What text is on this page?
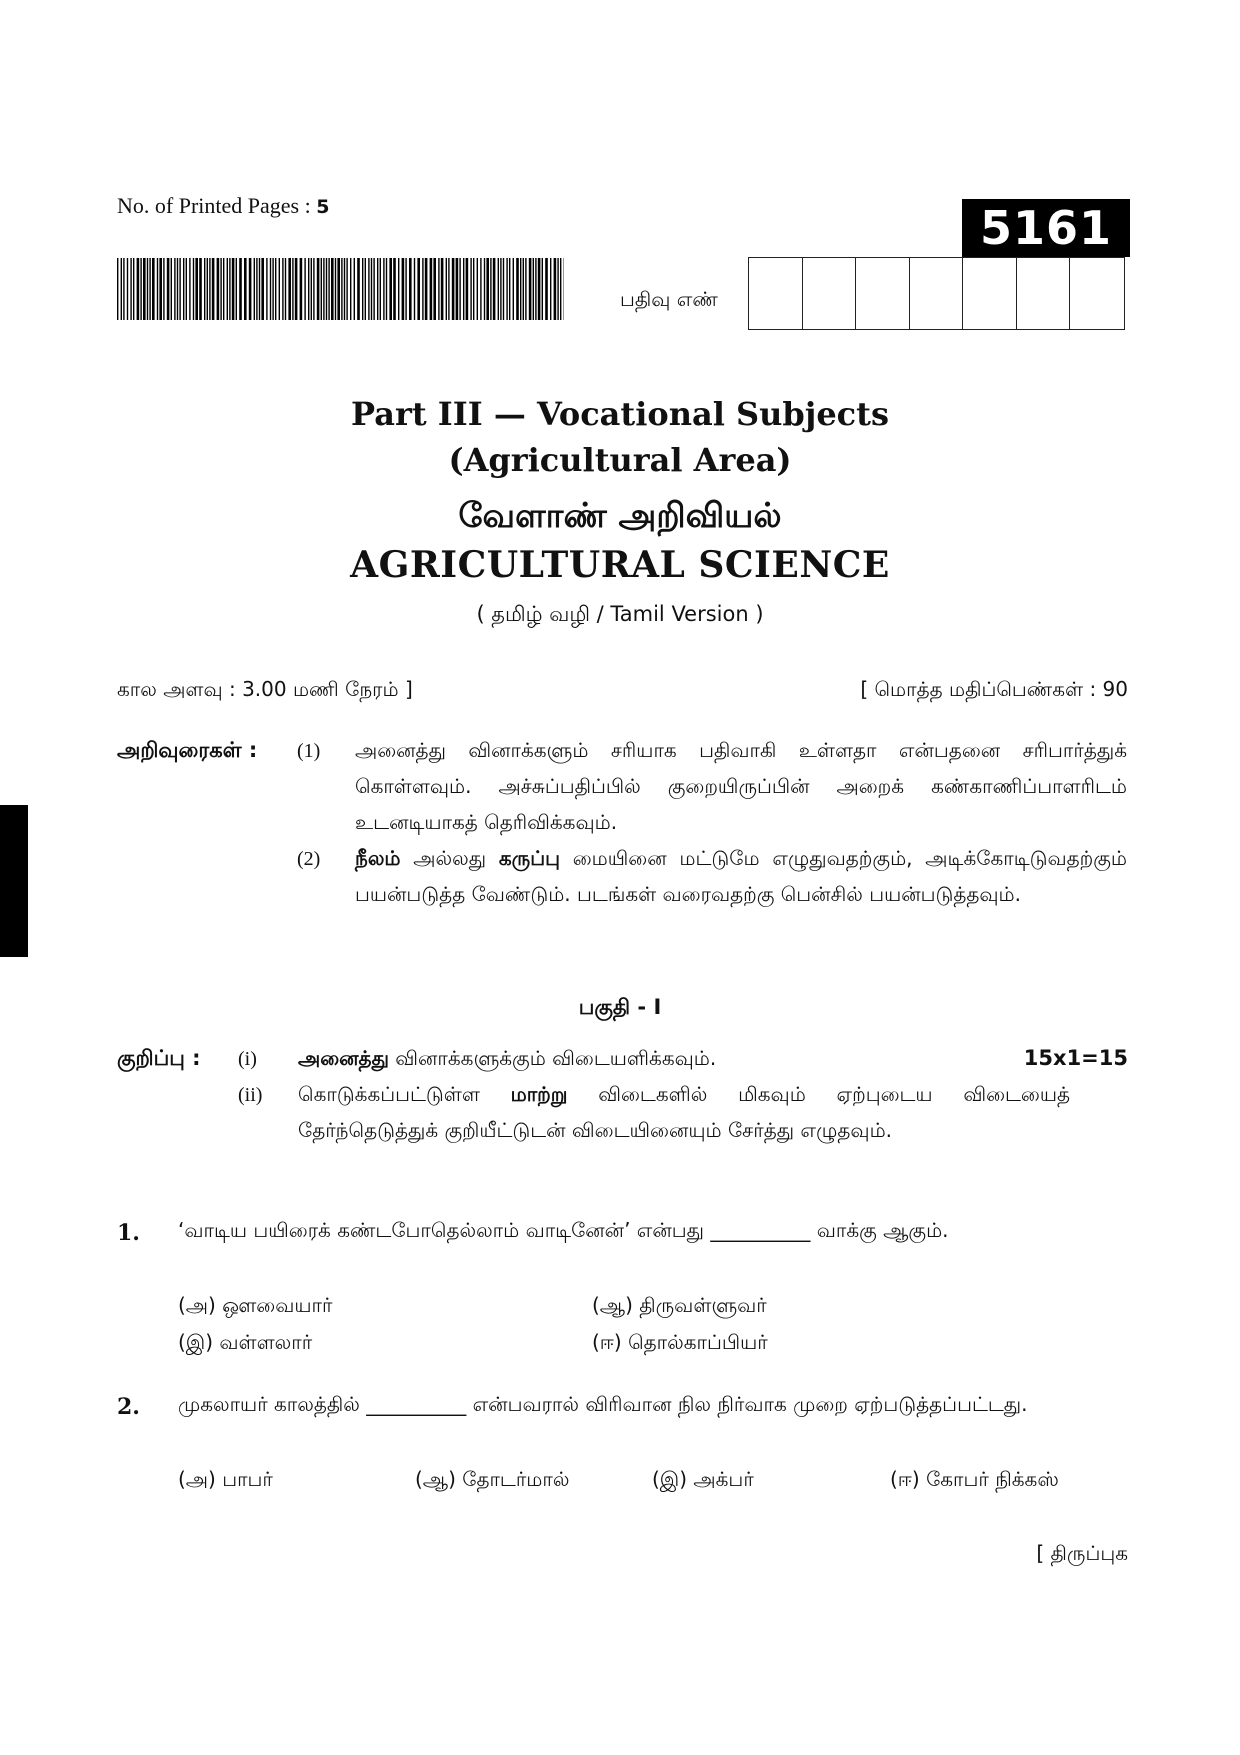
No. of Printed Pages : 5	5161
பதிவு எண்
Part III — Vocational Subjects
(Agricultural Area)
வேளாண் அறிவியல்
AGRICULTURAL SCIENCE
( தமிழ் வழி / Tamil Version )
கால அளவு : 3.00 மணி நேரம் ]	[ மொத்த மதிப்பெண்கள் : 90
அறிவுரைகள் : (1) அனைத்து வினாக்களும் சரியாக பதிவாகி உள்ளதா என்பதனை சரிபார்த்துக் கொள்ளவும். அச்சுப்பதிப்பில் குறையிருப்பின் அறைக் கண்காணிப்பாளரிடம் உடனடியாகத் தெரிவிக்கவும்.
(2) நீலம் அல்லது கருப்பு மையினை மட்டுமே எழுதுவதற்கும், அடிக்கோடிடுவதற்கும் பயன்படுத்த வேண்டும். படங்கள் வரைவதற்கு பென்சில் பயன்படுத்தவும்.
பகுதி - I
குறிப்பு : (i) அனைத்து வினாக்களுக்கும் விடையளிக்கவும்.	15x1=15
(ii) கொடுக்கப்பட்டுள்ள மாற்று விடைகளில் மிகவும் ஏற்புடைய விடையைத் தேர்ந்தெடுத்துக் குறியீட்டுடன் விடையினையும் சேர்த்து எழுதவும்.
1. ‘வாடிய பயிரைக் கண்டபோதெல்லாம் வாடினேன்’ என்பது __________ வாக்கு ஆகும்.
(அ) ஔவையார்	(ஆ) திருவள்ளுவர்
(இ) வள்ளலார்	(ஈ) தொல்காப்பியர்
2. முகலாயர் காலத்தில் __________ என்பவரால் விரிவான நில நிர்வாக முறை ஏற்படுத்தப்பட்டது.
(அ) பாபர்	(ஆ) தோடர்மால்	(இ) அக்பர்	(ஈ) கோபர் நிக்கஸ்
[ திருப்புக
